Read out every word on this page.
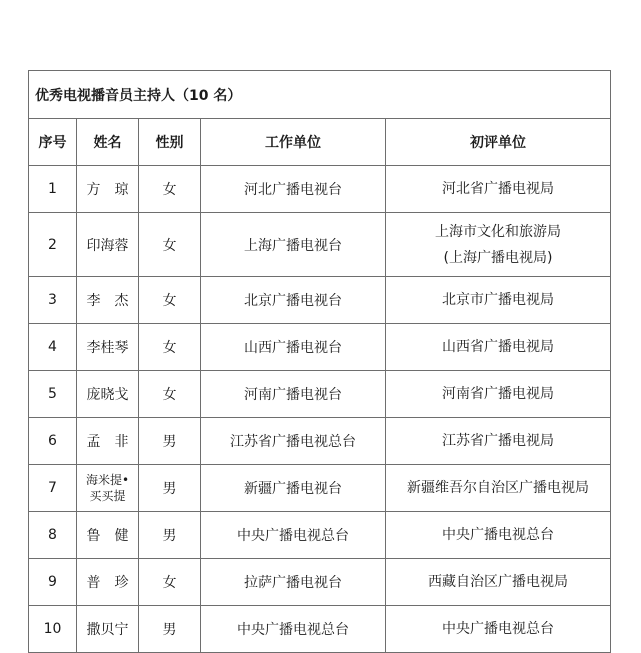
优秀电视播音员主持人（10 名）				
序号	姓名	性别	工作单位	初评单位
1	方　琼	女	河北广播电视台	河北省广播电视局

2	印海蓉	女	上海广播电视台	上海市文化和旅游局
(上海广播电视局)

3	李　杰	女	北京广播电视台	北京市广播电视局

4	李桂琴	女	山西广播电视台	山西省广播电视局

5	庞晓戈	女	河南广播电视台	河南省广播电视局

6	孟　非	男	江苏省广播电视总台	江苏省广播电视局

7	海米提•
买买提	男	新疆广播电视台	新疆维吾尔自治区广播电视局

8	鲁　健	男	中央广播电视总台	中央广播电视总台

9	普　珍	女	拉萨广播电视台	西藏自治区广播电视局

10	撒贝宁	男	中央广播电视总台	中央广播电视总台
